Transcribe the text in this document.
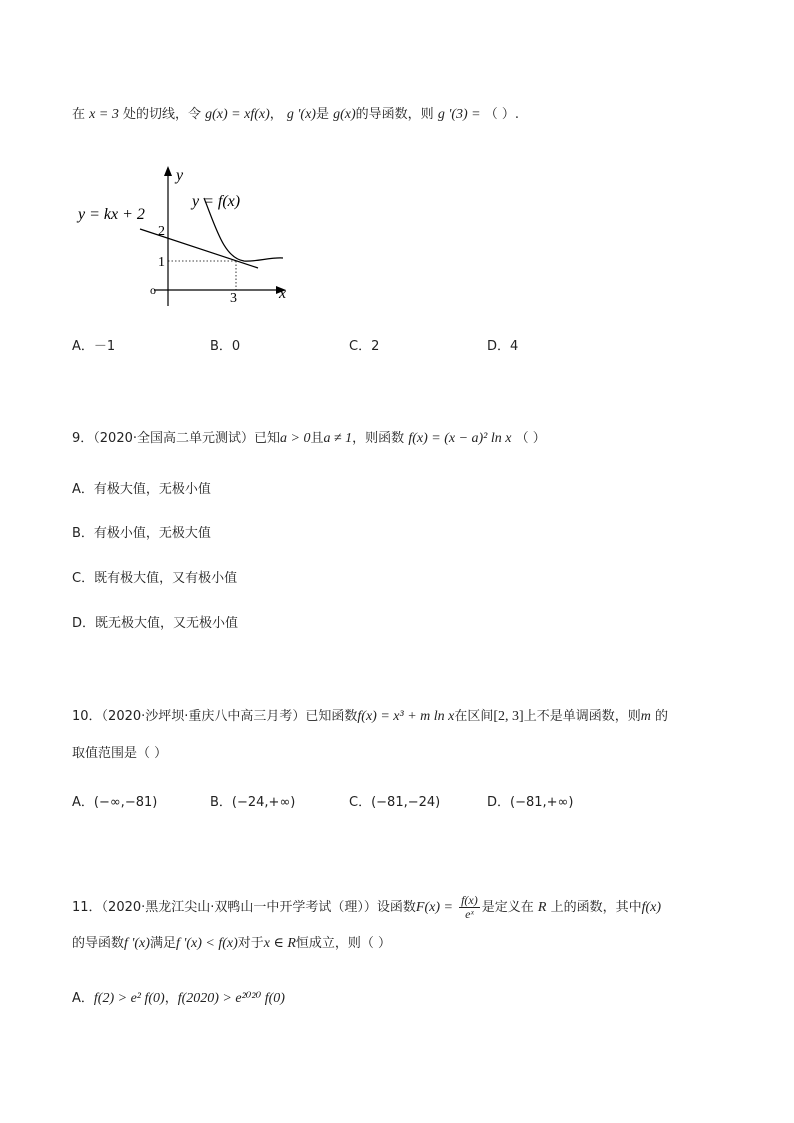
在 x = 3 处的切线，令 g(x) = xf(x)， g '(x)是 g(x)的导函数，则 g '(3) = （ ）.
y
x
o
2
1
3
y = kx + 2
y = f(x)
A．－1	B．0	C．2	D．4
9．（2020·全国高二单元测试）已知a > 0且a ≠ 1，则函数 f(x) = (x − a)² ln x （ ）
A．有极大值，无极小值
B．有极小值，无极大值
C．既有极大值，又有极小值
D．既无极大值，又无极小值
10．（2020·沙坪坝·重庆八中高三月考）已知函数f(x) = x³ + m ln x在区间[2, 3]上不是单调函数，则m 的
取值范围是（ ）
A．(−∞,−81)	B．(−24,+∞)	C．(−81,−24)	D．(−81,+∞)
11．（2020·黑龙江尖山·双鸭山一中开学考试（理））设函数$F(x) = \frac{f(x)}{\text{eˣ}}$ 是定义在 R 上的函数，其中f(x)
的导函数f '(x)满足f '(x) < f(x)对于x ∈ R恒成立，则（ ）
A．f(2) > e² f(0)，f(2020) > e²⁰²⁰ f(0)
